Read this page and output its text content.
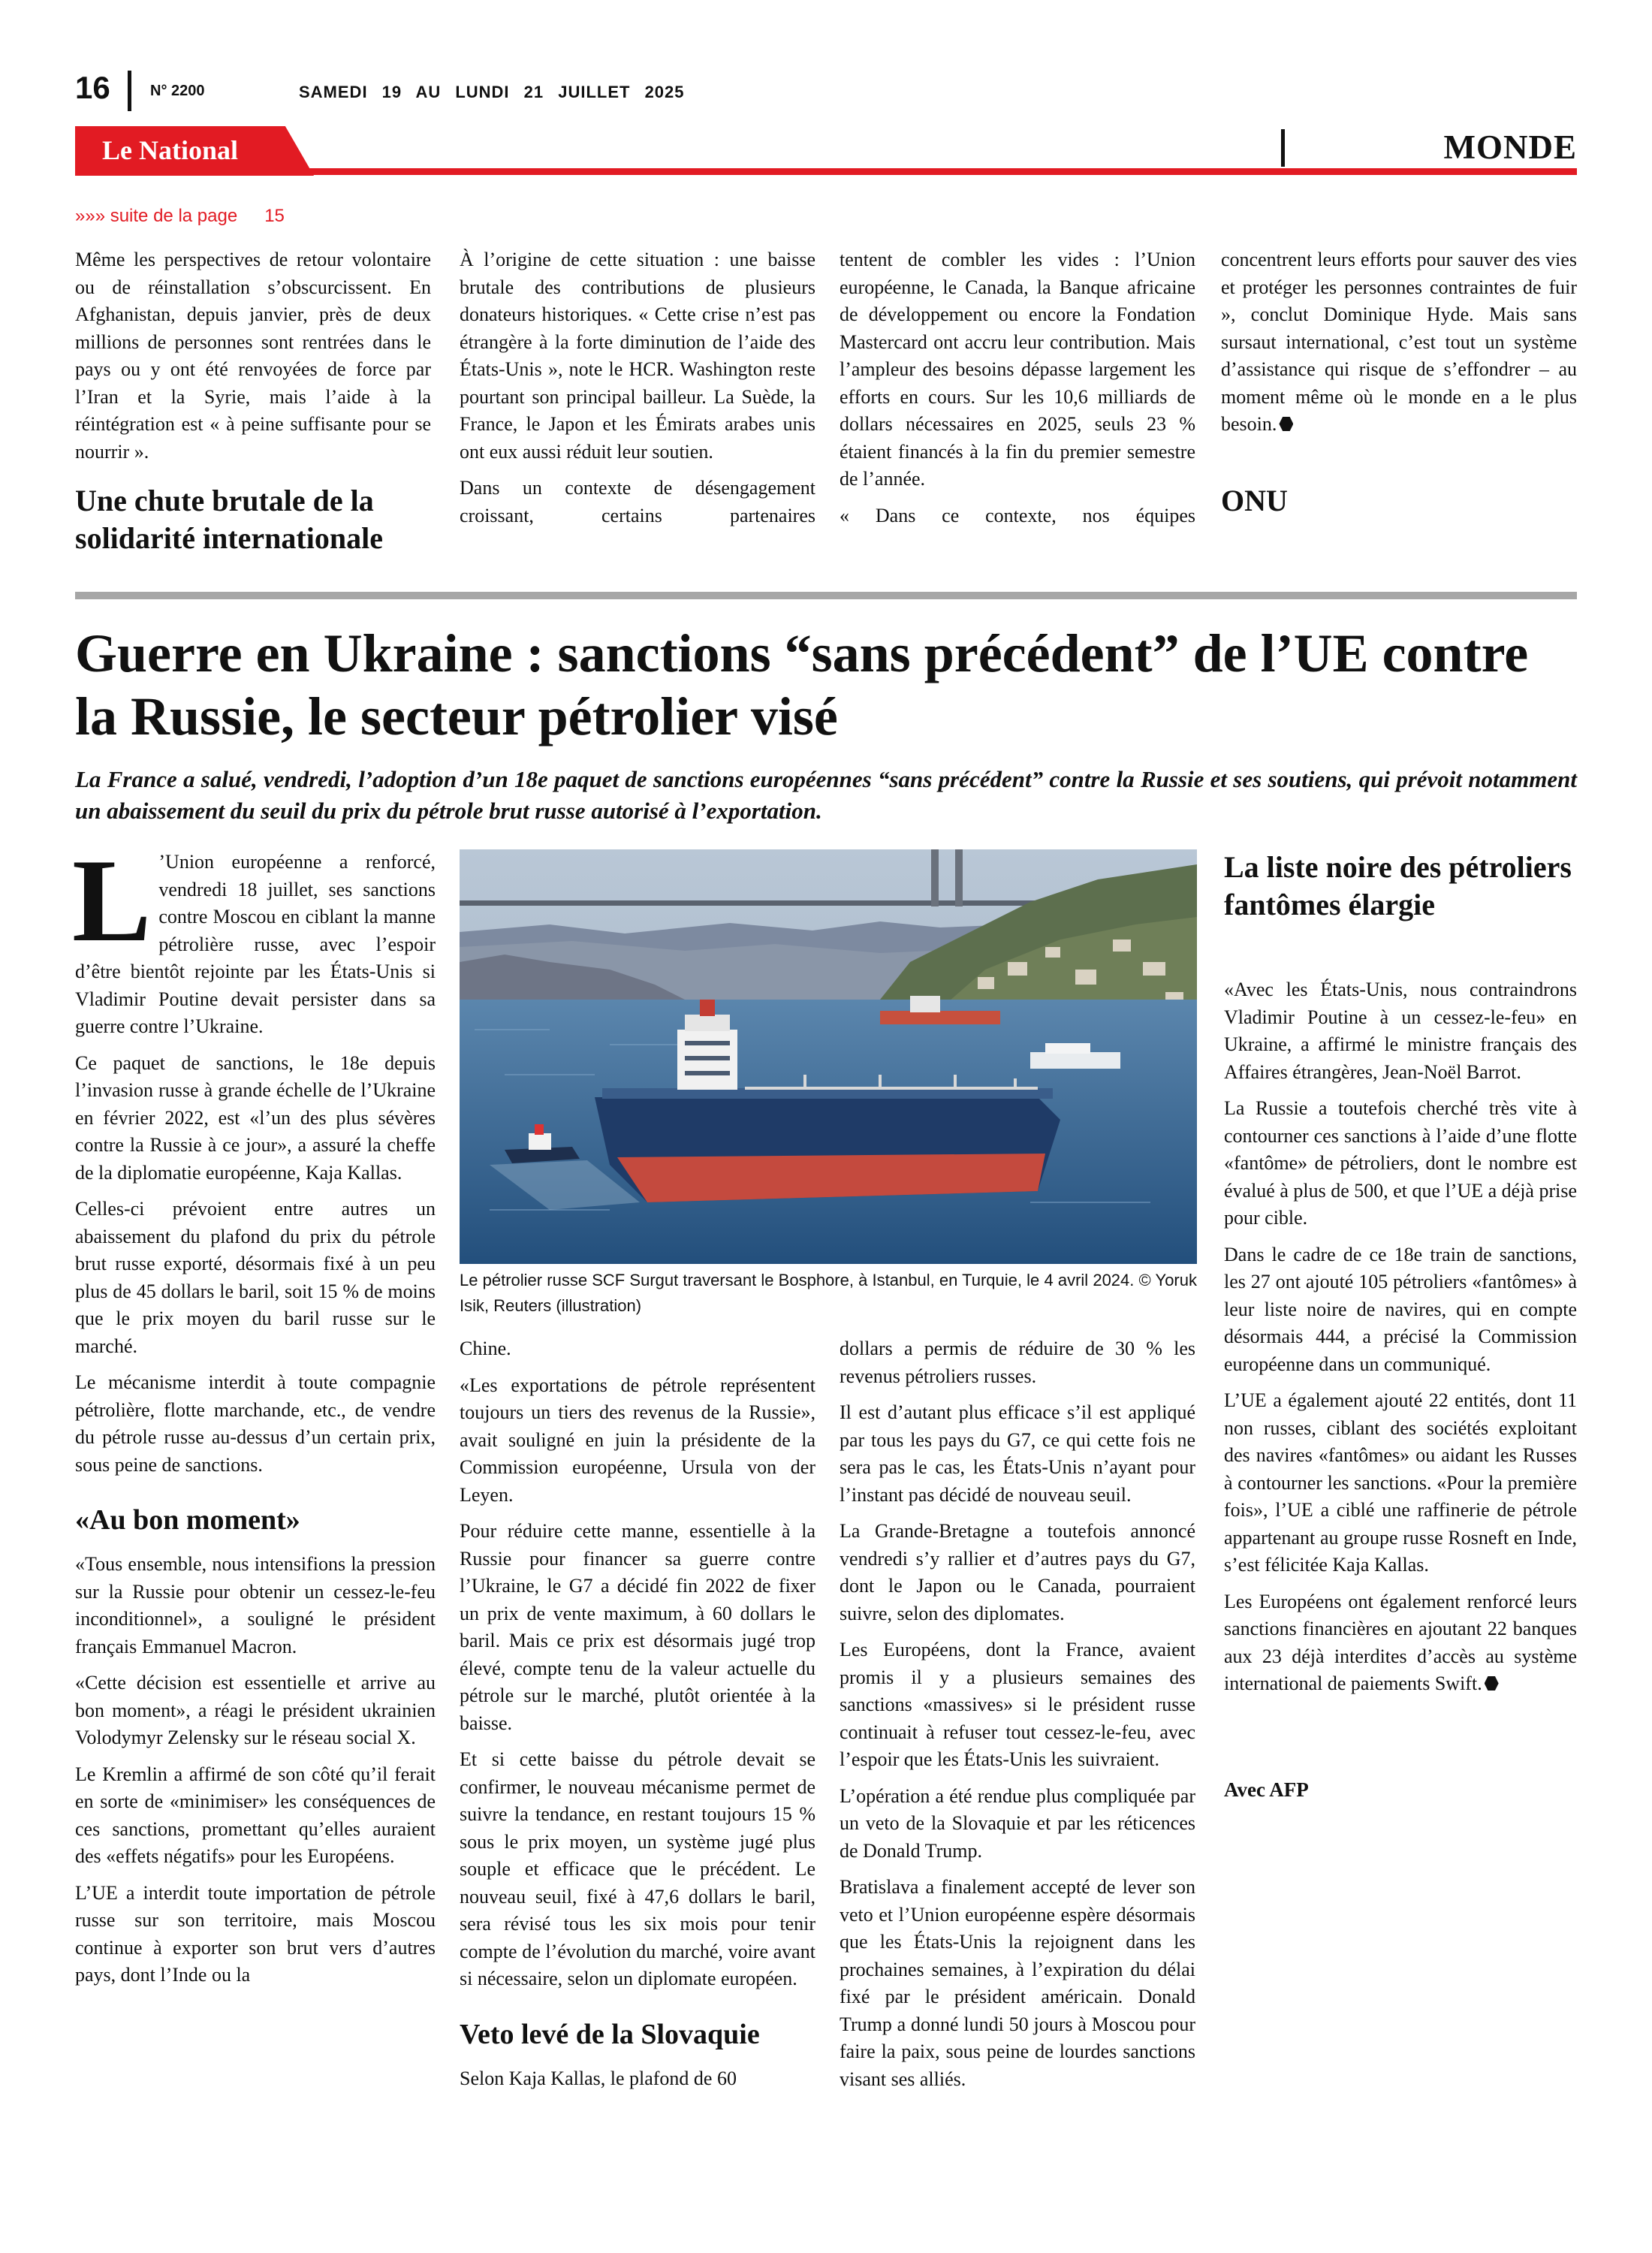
16	N° 2200	SAMEDI 19 AU LUNDI 21 JUILLET 2025
Le National	MONDE
»»» suite de la page 15

Même les perspectives de retour volontaire ou de réinstallation s’obscurcissent. En Afghanistan, depuis janvier, près de deux millions de personnes sont rentrées dans le pays ou y ont été renvoyées de force par l’Iran et la Syrie, mais l’aide à la réintégration est « à peine suffisante pour se nourrir ».

Une chute brutale de la solidarité internationale

À l’origine de cette situation : une baisse brutale des contributions de plusieurs donateurs historiques. « Cette crise n’est pas étrangère à la forte diminution de l’aide des États-Unis », note le HCR. Washington reste pourtant son principal bailleur. La Suède, la France, le Japon et les Émirats arabes unis ont eux aussi réduit leur soutien.

Dans un contexte de désengagement croissant, certains partenaires

tentent de combler les vides : l’Union européenne, le Canada, la Banque africaine de développement ou encore la Fondation Mastercard ont accru leur contribution. Mais l’ampleur des besoins dépasse largement les efforts en cours. Sur les 10,6 milliards de dollars nécessaires en 2025, seuls 23 % étaient financés à la fin du premier semestre de l’année.

« Dans ce contexte, nos équipes

concentrent leurs efforts pour sauver des vies et protéger les personnes contraintes de fuir », conclut Dominique Hyde. Mais sans sursaut international, c’est tout un système d’assistance qui risque de s’effondrer – au moment même où le monde en a le plus besoin.

ONU
Guerre en Ukraine : sanctions “sans précédent” de l’UE contre la Russie, le secteur pétrolier visé
La France a salué, vendredi, l’adoption d’un 18e paquet de sanctions européennes “sans précédent” contre la Russie et ses soutiens, qui prévoit notamment un abaissement du seuil du prix du pétrole brut russe autorisé à l’exportation.

L ’Union européenne a renforcé, vendredi 18 juillet, ses sanctions contre Moscou en ciblant la manne pétrolière russe, avec l’espoir d’être bientôt rejointe par les États-Unis si Vladimir Poutine devait persister dans sa guerre contre l’Ukraine.

Ce paquet de sanctions, le 18e depuis l’invasion russe à grande échelle de l’Ukraine en février 2022, est «l’un des plus sévères contre la Russie à ce jour», a assuré la cheffe de la diplomatie européenne, Kaja Kallas.

Celles-ci prévoient entre autres un abaissement du plafond du prix du pétrole brut russe exporté, désormais fixé à un peu plus de 45 dollars le baril, soit 15 % de moins que le prix moyen du baril russe sur le marché.

Le mécanisme interdit à toute compagnie pétrolière, flotte marchande, etc., de vendre du pétrole russe au-dessus d’un certain prix, sous peine de sanctions.

«Au bon moment»

«Tous ensemble, nous intensifions la pression sur la Russie pour obtenir un cessez-le-feu inconditionnel», a souligné le président français Emmanuel Macron.

«Cette décision est essentielle et arrive au bon moment», a réagi le président ukrainien Volodymyr Zelensky sur le réseau social X.

Le Kremlin a affirmé de son côté qu’il ferait en sorte de «minimiser» les conséquences de ces sanctions, promettant qu’elles auraient des «effets négatifs» pour les Européens.

L’UE a interdit toute importation de pétrole russe sur son territoire, mais Moscou continue à exporter son brut vers d’autres pays, dont l’Inde ou la

Le pétrolier russe SCF Surgut traversant le Bosphore, à Istanbul, en Turquie, le 4 avril 2024. © Yoruk Isik, Reuters (illustration)

Chine.

«Les exportations de pétrole représentent toujours un tiers des revenus de la Russie», avait souligné en juin la présidente de la Commission européenne, Ursula von der Leyen.

Pour réduire cette manne, essentielle à la Russie pour financer sa guerre contre l’Ukraine, le G7 a décidé fin 2022 de fixer un prix de vente maximum, à 60 dollars le baril. Mais ce prix est désormais jugé trop élevé, compte tenu de la valeur actuelle du pétrole sur le marché, plutôt orientée à la baisse.

Et si cette baisse du pétrole devait se confirmer, le nouveau mécanisme permet de suivre la tendance, en restant toujours 15 % sous le prix moyen, un système jugé plus souple et efficace que le précédent. Le nouveau seuil, fixé à 47,6 dollars le baril, sera révisé tous les six mois pour tenir compte de l’évolution du marché, voire avant si nécessaire, selon un diplomate européen.

Veto levé de la Slovaquie

Selon Kaja Kallas, le plafond de 60

dollars a permis de réduire de 30 % les revenus pétroliers russes.

Il est d’autant plus efficace s’il est appliqué par tous les pays du G7, ce qui cette fois ne sera pas le cas, les États-Unis n’ayant pour l’instant pas décidé de nouveau seuil.

La Grande-Bretagne a toutefois annoncé vendredi s’y rallier et d’autres pays du G7, dont le Japon ou le Canada, pourraient suivre, selon des diplomates.

Les Européens, dont la France, avaient promis il y a plusieurs semaines des sanctions «massives» si le président russe continuait à refuser tout cessez-le-feu, avec l’espoir que les États-Unis les suivraient.

L’opération a été rendue plus compliquée par un veto de la Slovaquie et par les réticences de Donald Trump.

Bratislava a finalement accepté de lever son veto et l’Union européenne espère désormais que les États-Unis la rejoignent dans les prochaines semaines, à l’expiration du délai fixé par le président américain. Donald Trump a donné lundi 50 jours à Moscou pour faire la paix, sous peine de lourdes sanctions visant ses alliés.

La liste noire des pétroliers fantômes élargie

«Avec les États-Unis, nous contraindrons Vladimir Poutine à un cessez-le-feu» en Ukraine, a affirmé le ministre français des Affaires étrangères, Jean-Noël Barrot.

La Russie a toutefois cherché très vite à contourner ces sanctions à l’aide d’une flotte «fantôme» de pétroliers, dont le nombre est évalué à plus de 500, et que l’UE a déjà prise pour cible.

Dans le cadre de ce 18e train de sanctions, les 27 ont ajouté 105 pétroliers «fantômes» à leur liste noire de navires, qui en compte désormais 444, a précisé la Commission européenne dans un communiqué.

L’UE a également ajouté 22 entités, dont 11 non russes, ciblant des sociétés exploitant des navires «fantômes» ou aidant les Russes à contourner les sanctions. «Pour la première fois», l’UE a ciblé une raffinerie de pétrole appartenant au groupe russe Rosneft en Inde, s’est félicitée Kaja Kallas.

Les Européens ont également renforcé leurs sanctions financières en ajoutant 22 banques aux 23 déjà interdites d’accès au système international de paiements Swift.

Avec AFP
